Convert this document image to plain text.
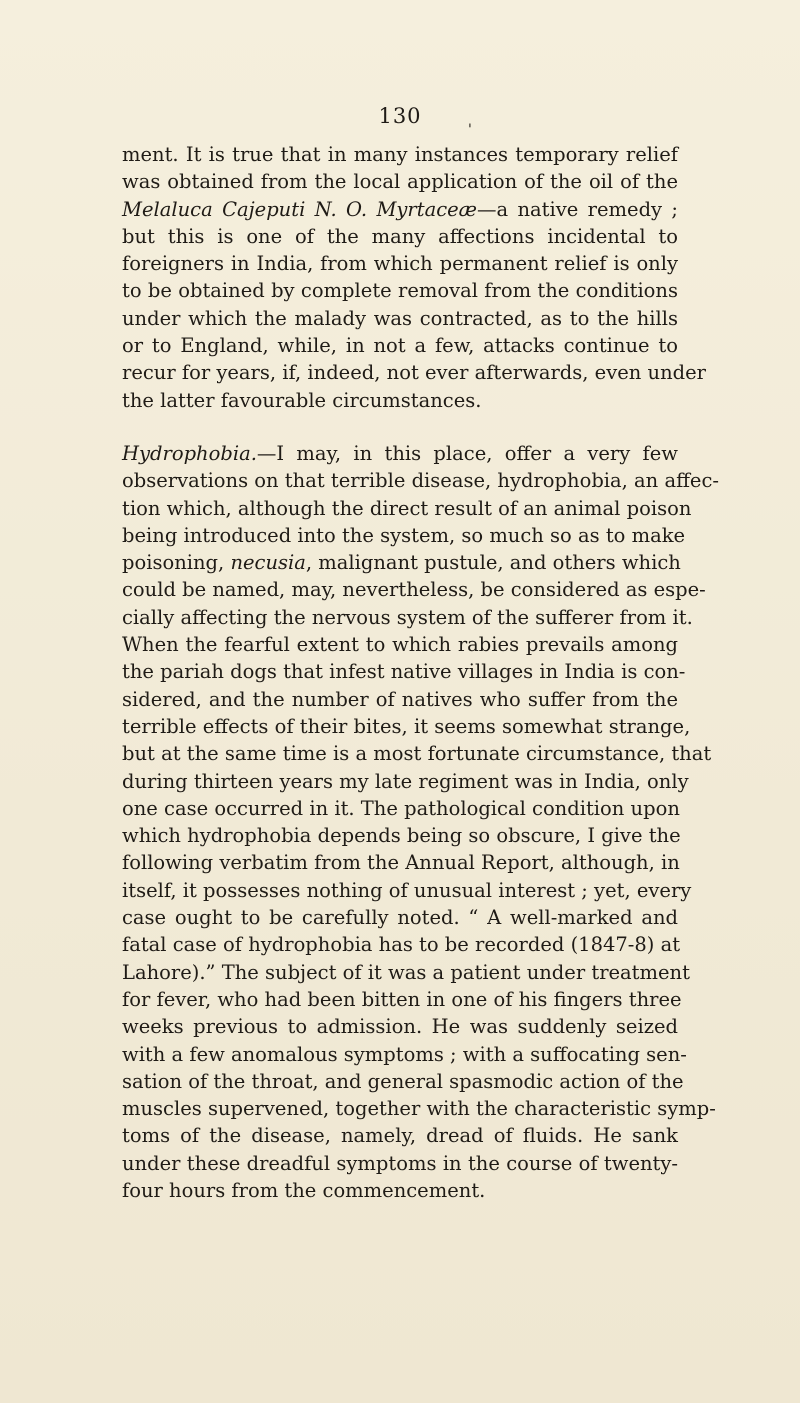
130
'
ment. It is true that in many instances temporary relief
was obtained from the local application of the oil of the
Melaluca Cajeputi N. O. Myrtaceæ—a native remedy ;
but this is one of the many affections incidental to
foreigners in India, from which permanent relief is only
to be obtained by complete removal from the conditions
under which the malady was contracted, as to the hills
or to England, while, in not a few, attacks continue to
recur for years, if, indeed, not ever afterwards, even under
the latter favourable circumstances.
Hydrophobia.—I may, in this place, offer a very few
observations on that terrible disease, hydrophobia, an affec-
tion which, although the direct result of an animal poison
being introduced into the system, so much so as to make
poisoning, necusia, malignant pustule, and others which
could be named, may, nevertheless, be considered as espe-
cially affecting the nervous system of the sufferer from it.
When the fearful extent to which rabies prevails among
the pariah dogs that infest native villages in India is con-
sidered, and the number of natives who suffer from the
terrible effects of their bites, it seems somewhat strange,
but at the same time is a most fortunate circumstance, that
during thirteen years my late regiment was in India, only
one case occurred in it. The pathological condition upon
which hydrophobia depends being so obscure, I give the
following verbatim from the Annual Report, although, in
itself, it possesses nothing of unusual interest ; yet, every
case ought to be carefully noted. “ A well-marked and
fatal case of hydrophobia has to be recorded (1847-8) at
Lahore).” The subject of it was a patient under treatment
for fever, who had been bitten in one of his fingers three
weeks previous to admission. He was suddenly seized
with a few anomalous symptoms ; with a suffocating sen-
sation of the throat, and general spasmodic action of the
muscles supervened, together with the characteristic symp-
toms of the disease, namely, dread of fluids. He sank
under these dreadful symptoms in the course of twenty-
four hours from the commencement.
